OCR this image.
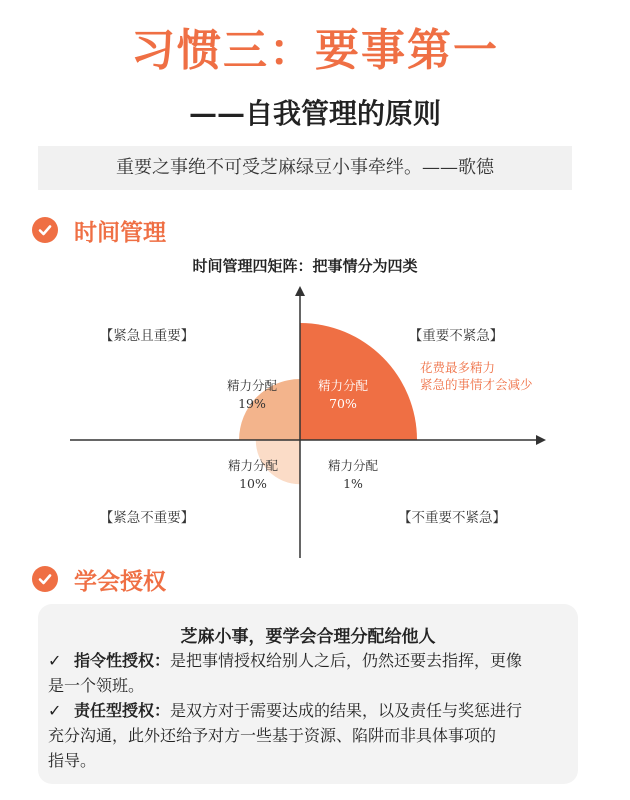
习惯三：要事第一
——自我管理的原则
重要之事绝不可受芝麻绿豆小事牵绊。——歌德
时间管理
时间管理四矩阵：把事情分为四类
【紧急且重要】
精力分配
19%
【重要不紧急】
精力分配
70%
【紧急不重要】
精力分配
10%
【不重要不紧急】
精力分配
1%
花费最多精力
紧急的事情才会减少
学会授权
芝麻小事，要学会合理分配给他人
✓ 指令性授权：是把事情授权给别人之后，仍然还要去指挥，更像
是一个领班。
✓ 责任型授权：是双方对于需要达成的结果，以及责任与奖惩进行
充分沟通，此外还给予对方一些基于资源、陷阱而非具体事项的
指导。
